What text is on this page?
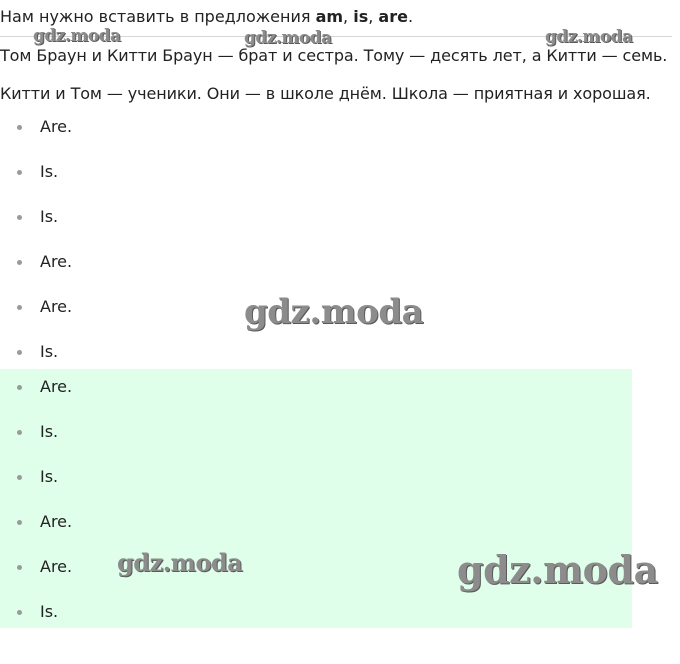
Нам нужно вставить в предложения am, is, are.
Том Браун и Китти Браун — брат и сестра. Тому — десять лет, а Китти — семь.
Китти и Том — ученики. Они — в школе днём. Школа — приятная и хорошая.
Are.
Is.
Is.
Are.
Are.
Is.
Are.
Is.
Is.
Are.
Are.
Is.
gdz.moda	gdz.moda	gdz.moda
gdz.moda
gdz.moda	gdz.moda
